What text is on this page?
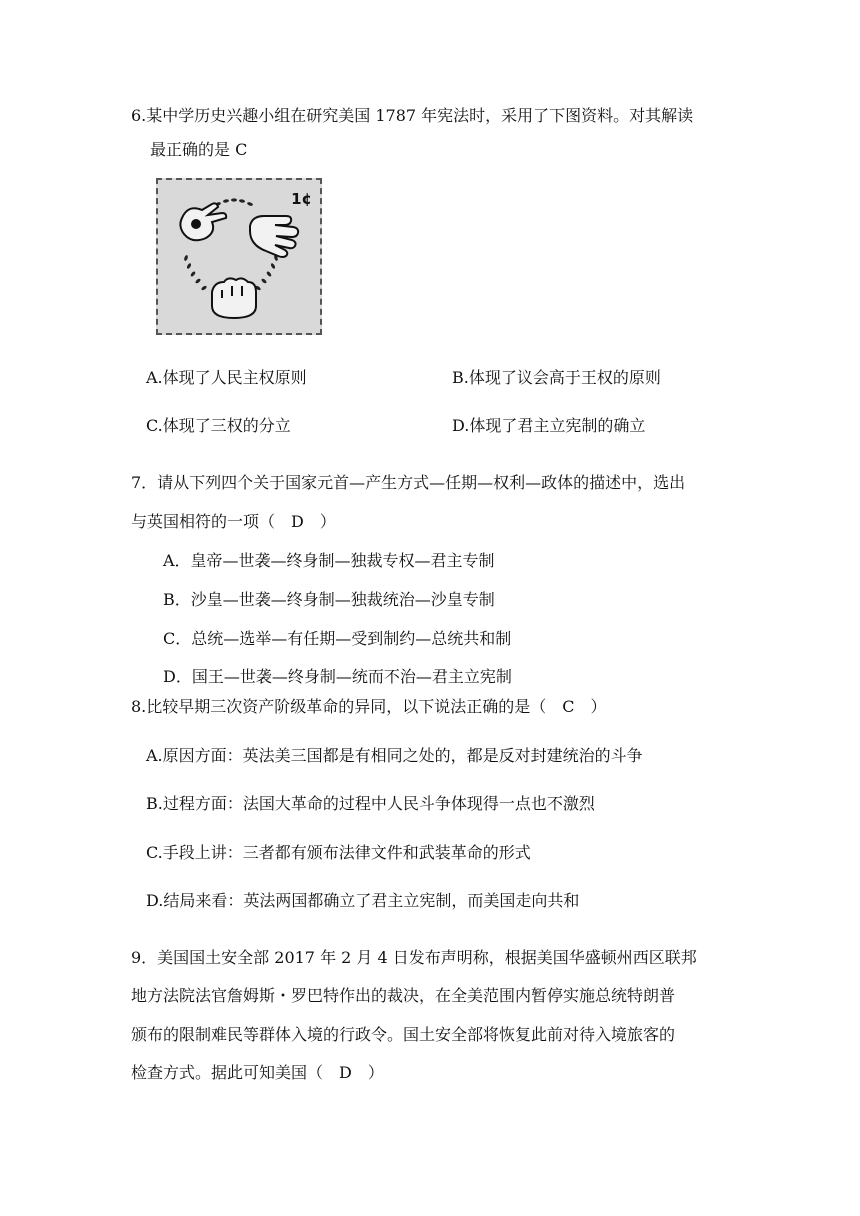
6.某中学历史兴趣小组在研究美国 1787 年宪法时，采用了下图资料。对其解读
最正确的是 C
1¢
A.体现了人民主权原则	B.体现了议会高于王权的原则
C.体现了三权的分立	D.体现了君主立宪制的确立
7．请从下列四个关于国家元首—产生方式—任期—权利—政体的描述中，选出
与英国相符的一项（　D　）
A．皇帝—世袭—终身制—独裁专权—君主专制
B．沙皇—世袭—终身制—独裁统治—沙皇专制
C．总统—选举—有任期—受到制约—总统共和制
D．国王—世袭—终身制—统而不治—君主立宪制
8.比较早期三次资产阶级革命的异同，以下说法正确的是（　C　）
A.原因方面：英法美三国都是有相同之处的，都是反对封建统治的斗争
B.过程方面：法国大革命的过程中人民斗争体现得一点也不激烈
C.手段上讲：三者都有颁布法律文件和武装革命的形式
D.结局来看：英法两国都确立了君主立宪制，而美国走向共和
9．美国国土安全部 2017 年 2 月 4 日发布声明称，根据美国华盛顿州西区联邦
地方法院法官詹姆斯・罗巴特作出的裁决，在全美范围内暂停实施总统特朗普
颁布的限制难民等群体入境的行政令。国土安全部将恢复此前对待入境旅客的
检查方式。据此可知美国（　D　）
